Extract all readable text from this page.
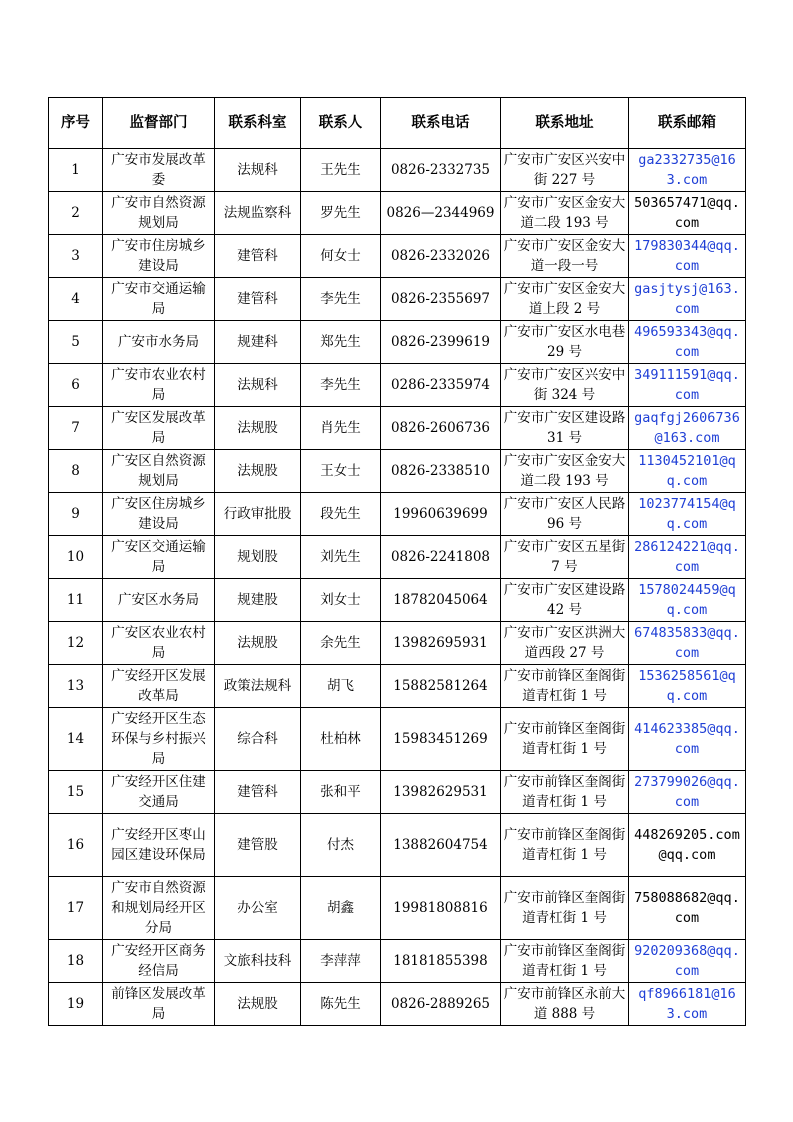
序号	监督部门	联系科室	联系人	联系电话	联系地址	联系邮箱
1	广安市发展改革委	法规科	王先生	0826-2332735	广安市广安区兴安中街 227 号	ga2332735@163.com
2	广安市自然资源规划局	法规监察科	罗先生	0826—2344969	广安市广安区金安大道二段 193 号	503657471@qq.com
3	广安市住房城乡建设局	建管科	何女士	0826-2332026	广安市广安区金安大道一段一号	179830344@qq.com
4	广安市交通运输局	建管科	李先生	0826-2355697	广安市广安区金安大道上段 2 号	gasjtysj@163.com
5	广安市水务局	规建科	郑先生	0826-2399619	广安市广安区水电巷 29 号	496593343@qq.com
6	广安市农业农村局	法规科	李先生	0286-2335974	广安市广安区兴安中街 324 号	349111591@qq.com
7	广安区发展改革局	法规股	肖先生	0826-2606736	广安市广安区建设路 31 号	gaqfgj2606736@163.com
8	广安区自然资源规划局	法规股	王女士	0826-2338510	广安市广安区金安大道二段 193 号	1130452101@qq.com
9	广安区住房城乡建设局	行政审批股	段先生	19960639699	广安市广安区人民路 96 号	1023774154@qq.com
10	广安区交通运输局	规划股	刘先生	0826-2241808	广安市广安区五星街 7 号	286124221@qq.com
11	广安区水务局	规建股	刘女士	18782045064	广安市广安区建设路 42 号	1578024459@qq.com
12	广安区农业农村局	法规股	余先生	13982695931	广安市广安区洪洲大道西段 27 号	674835833@qq.com
13	广安经开区发展改革局	政策法规科	胡飞	15882581264	广安市前锋区奎阁街道青杠街 1 号	1536258561@qq.com
14	广安经开区生态环保与乡村振兴局	综合科	杜柏林	15983451269	广安市前锋区奎阁街道青杠街 1 号	414623385@qq.com
15	广安经开区住建交通局	建管科	张和平	13982629531	广安市前锋区奎阁街道青杠街 1 号	273799026@qq.com
16	广安经开区枣山园区建设环保局	建管股	付杰	13882604754	广安市前锋区奎阁街道青杠街 1 号	448269205.com@qq.com
17	广安市自然资源和规划局经开区分局	办公室	胡鑫	19981808816	广安市前锋区奎阁街道青杠街 1 号	758088682@qq.com
18	广安经开区商务经信局	文旅科技科	李萍萍	18181855398	广安市前锋区奎阁街道青杠街 1 号	920209368@qq.com
19	前锋区发展改革局	法规股	陈先生	0826-2889265	广安市前锋区永前大道 888 号	qf8966181@163.com
